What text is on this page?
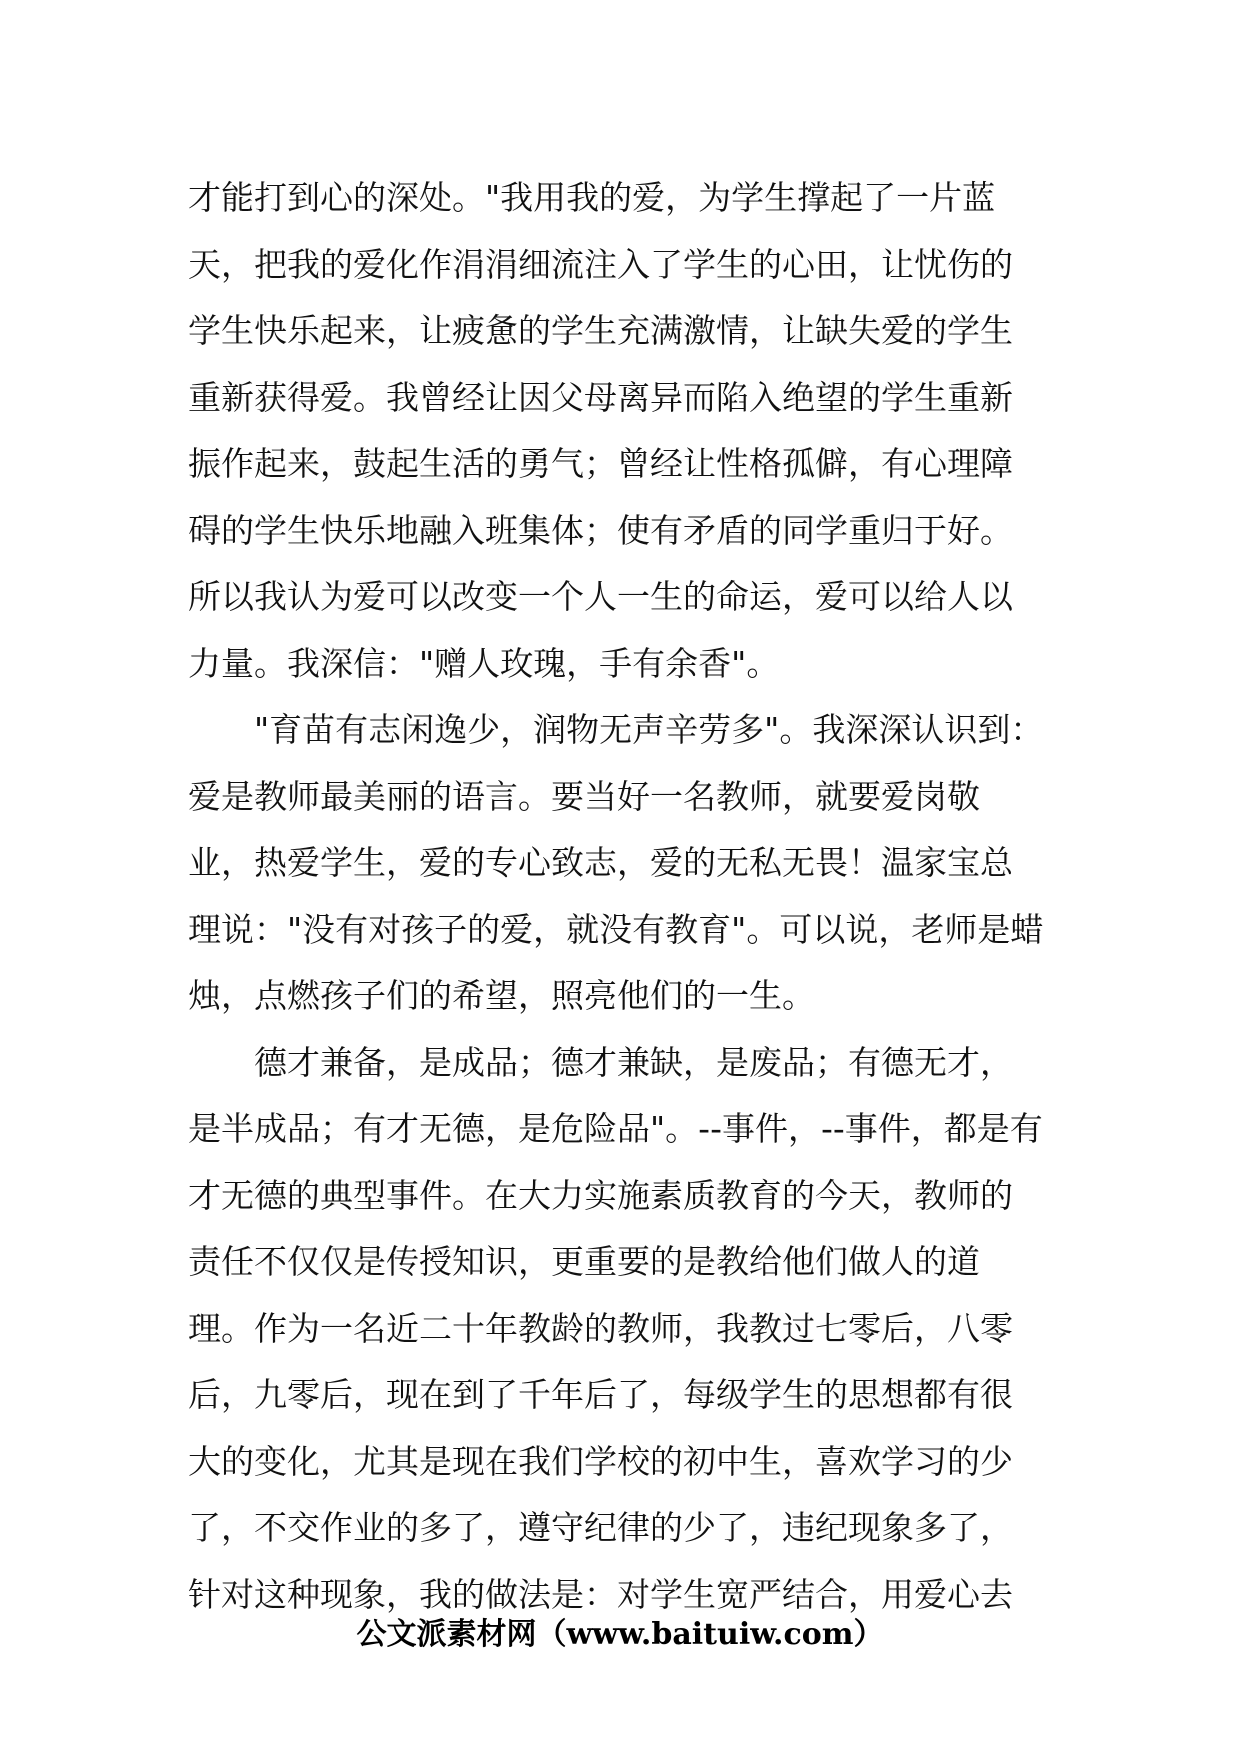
才能打到心的深处。"我用我的爱，为学生撑起了一片蓝
天，把我的爱化作涓涓细流注入了学生的心田，让忧伤的
学生快乐起来，让疲惫的学生充满激情，让缺失爱的学生
重新获得爱。我曾经让因父母离异而陷入绝望的学生重新
振作起来，鼓起生活的勇气；曾经让性格孤僻，有心理障
碍的学生快乐地融入班集体；使有矛盾的同学重归于好。
所以我认为爱可以改变一个人一生的命运，爱可以给人以
力量。我深信："赠人玫瑰，手有余香"。
　　"育苗有志闲逸少，润物无声辛劳多"。我深深认识到：
爱是教师最美丽的语言。要当好一名教师，就要爱岗敬
业，热爱学生，爱的专心致志，爱的无私无畏！温家宝总
理说："没有对孩子的爱，就没有教育"。可以说，老师是蜡
烛，点燃孩子们的希望，照亮他们的一生。
　　德才兼备，是成品；德才兼缺，是废品；有德无才，
是半成品；有才无德，是危险品"。--事件，--事件，都是有
才无德的典型事件。在大力实施素质教育的今天，教师的
责任不仅仅是传授知识，更重要的是教给他们做人的道
理。作为一名近二十年教龄的教师，我教过七零后，八零
后，九零后，现在到了千年后了，每级学生的思想都有很
大的变化，尤其是现在我们学校的初中生，喜欢学习的少
了，不交作业的多了，遵守纪律的少了，违纪现象多了，
针对这种现象，我的做法是：对学生宽严结合，用爱心去
公文派素材网（www.baituiw.com）
